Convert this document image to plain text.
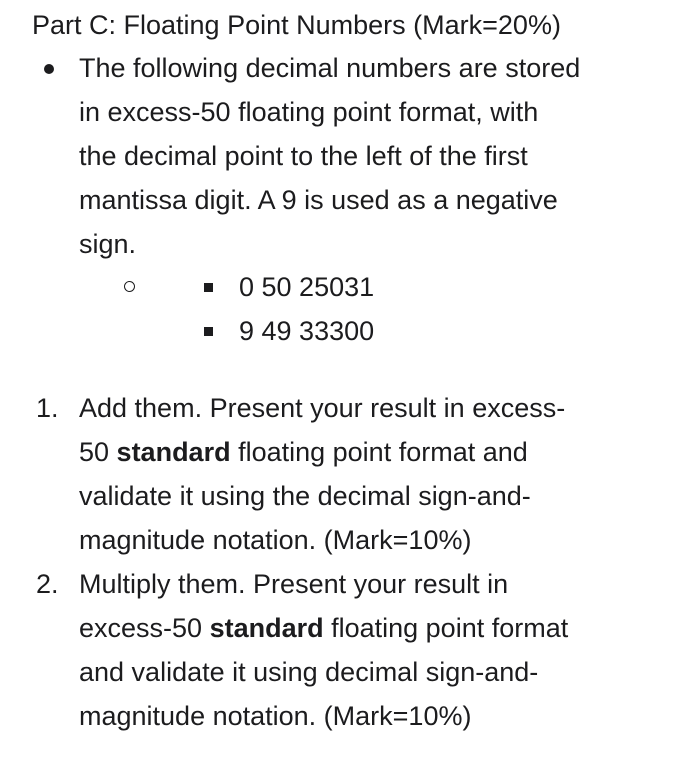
Part C: Floating Point Numbers (Mark=20%)
The following decimal numbers are stored
in excess-50 floating point format, with
the decimal point to the left of the first
mantissa digit. A 9 is used as a negative
sign.
0 50 25031
9 49 33300
1. Add them. Present your result in excess-
50 standard floating point format and
validate it using the decimal sign-and-
magnitude notation. (Mark=10%)
2. Multiply them. Present your result in
excess-50 standard floating point format
and validate it using decimal sign-and-
magnitude notation. (Mark=10%)
